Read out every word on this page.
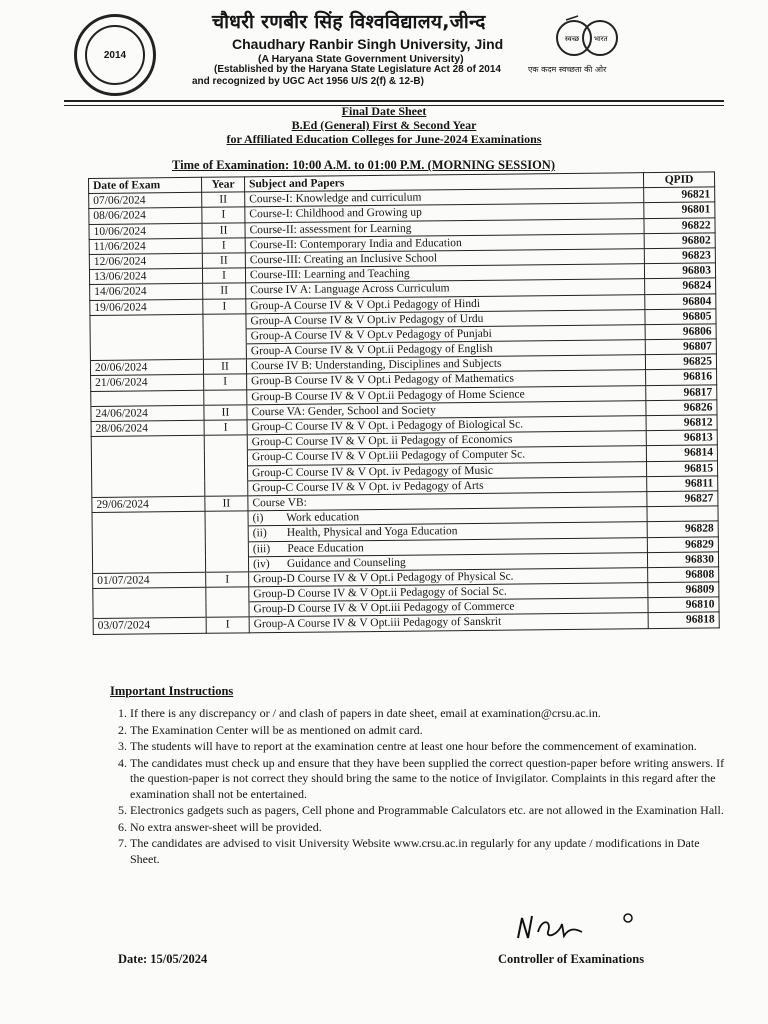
2014
चौधरी रणबीर सिंह विश्वविद्यालय,जीन्द
Chaudhary Ranbir Singh University, Jind
(A Haryana State Government University)
(Established by the Haryana State Legislature Act 28 of 2014
and recognized by UGC Act 1956 U/S 2(f) & 12-B)
स्वच्छ भारत
एक कदम स्वच्छता की ओर
Final Date Sheet
B.Ed (General) First & Second Year
for Affiliated Education Colleges for June-2024 Examinations
Time of Examination: 10:00 A.M. to 01:00 P.M. (MORNING SESSION)
Date of Exam	Year	Subject and Papers	QPID
07/06/2024	II	Course-I: Knowledge and curriculum	96821
08/06/2024	I	Course-I: Childhood and Growing up	96801
10/06/2024	II	Course-II: assessment for Learning	96822
11/06/2024	I	Course-II: Contemporary India and Education	96802
12/06/2024	II	Course-III: Creating an Inclusive School	96823
13/06/2024	I	Course-III: Learning and Teaching	96803
14/06/2024	II	Course IV A: Language Across Curriculum	96824
19/06/2024	I	Group-A Course IV & V Opt.i Pedagogy of Hindi	96804
		Group-A Course IV & V Opt.iv Pedagogy of Urdu	96805
		Group-A Course IV & V Opt.v Pedagogy of Punjabi	96806
		Group-A Course IV & V Opt.ii Pedagogy of English	96807
20/06/2024	II	Course IV B: Understanding, Disciplines and Subjects	96825
21/06/2024	I	Group-B Course IV & V Opt.i Pedagogy of Mathematics	96816
		Group-B Course IV & V Opt.ii Pedagogy of Home Science	96817
24/06/2024	II	Course VA: Gender, School and Society	96826
28/06/2024	I	Group-C Course IV & V Opt. i Pedagogy of Biological Sc.	96812
		Group-C Course IV & V Opt. ii Pedagogy of Economics	96813
		Group-C Course IV & V Opt.iii Pedagogy of Computer Sc.	96814
		Group-C Course IV & V Opt. iv Pedagogy of Music	96815
		Group-C Course IV & V Opt. iv Pedagogy of Arts	96811
29/06/2024	II	Course VB:	96827
		(i)        Work education	
		(ii)       Health, Physical and Yoga Education	96828
		(iii)      Peace Education	96829
		(iv)      Guidance and Counseling	96830
01/07/2024	I	Group-D Course IV & V Opt.i Pedagogy of Physical Sc.	96808
		Group-D Course IV & V Opt.ii Pedagogy of Social Sc.	96809
		Group-D Course IV & V Opt.iii Pedagogy of Commerce	96810
03/07/2024	I	Group-A Course IV & V Opt.iii Pedagogy of Sanskrit	96818
Important Instructions
1. If there is any discrepancy or / and clash of papers in date sheet, email at examination@crsu.ac.in.
2. The Examination Center will be as mentioned on admit card.
3. The students will have to report at the examination centre at least one hour before the commencement of examination.
4. The candidates must check up and ensure that they have been supplied the correct question-paper before writing answers. If the question-paper is not correct they should bring the same to the notice of Invigilator. Complaints in this regard after the examination shall not be entertained.
5. Electronics gadgets such as pagers, Cell phone and Programmable Calculators etc. are not allowed in the Examination Hall.
6. No extra answer-sheet will be provided.
7. The candidates are advised to visit University Website www.crsu.ac.in regularly for any update / modifications in Date Sheet.
Date: 15/05/2024	Controller of Examinations
